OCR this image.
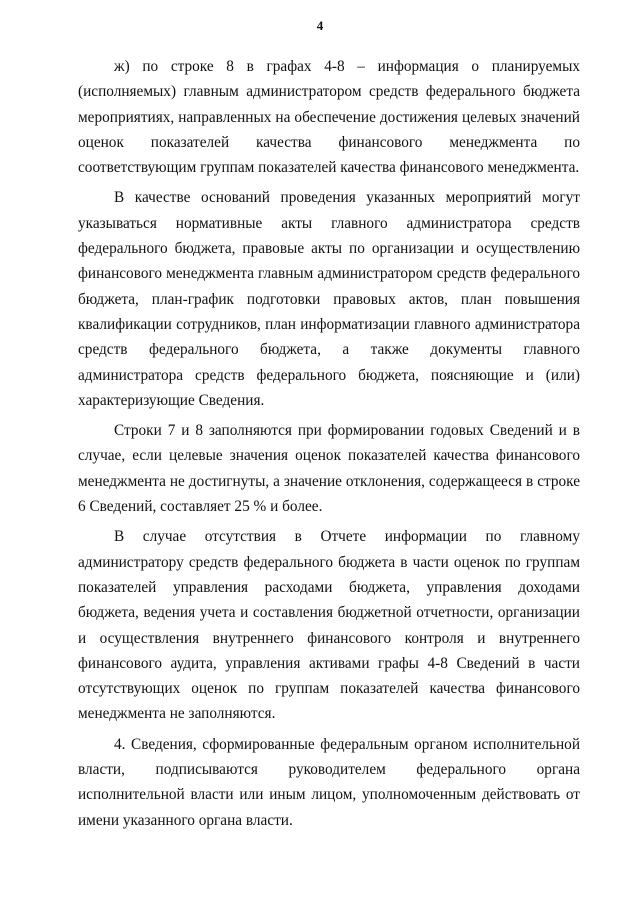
4

ж) по строке 8 в графах 4-8 – информация о планируемых (исполняемых) главным администратором средств федерального бюджета мероприятиях, направленных на обеспечение достижения целевых значений оценок показателей качества финансового менеджмента по соответствующим группам показателей качества финансового менеджмента.

В качестве оснований проведения указанных мероприятий могут указываться нормативные акты главного администратора средств федерального бюджета, правовые акты по организации и осуществлению финансового менеджмента главным администратором средств федерального бюджета, план-график подготовки правовых актов, план повышения квалификации сотрудников, план информатизации главного администратора средств федерального бюджета, а также документы главного администратора средств федерального бюджета, поясняющие и (или) характеризующие Сведения.

Строки 7 и 8 заполняются при формировании годовых Сведений и в случае, если целевые значения оценок показателей качества финансового менеджмента не достигнуты, а значение отклонения, содержащееся в строке 6 Сведений, составляет 25 % и более.

В случае отсутствия в Отчете информации по главному администратору средств федерального бюджета в части оценок по группам показателей управления расходами бюджета, управления доходами бюджета, ведения учета и составления бюджетной отчетности, организации и осуществления внутреннего финансового контроля и внутреннего финансового аудита, управления активами графы 4-8 Сведений в части отсутствующих оценок по группам показателей качества финансового менеджмента не заполняются.

4. Сведения, сформированные федеральным органом исполнительной власти, подписываются руководителем федерального органа исполнительной власти или иным лицом, уполномоченным действовать от имени указанного органа власти.
